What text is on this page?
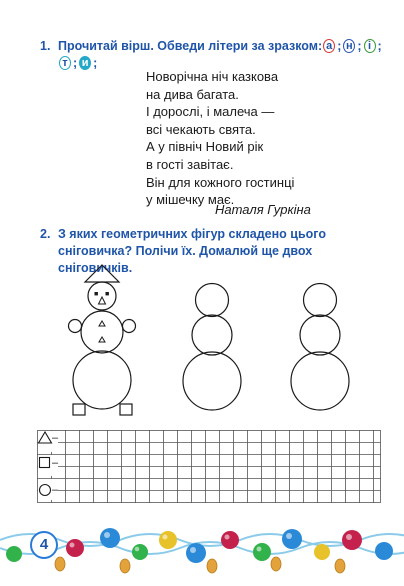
1. Прочитай вірш. Обведи літери за зразком: а ; н ; і ;
т ; и ;
Новорічна ніч казкова
на дива багата.
І дорослі, і малеча —
всі чекають свята.
А у північ Новий рік
в гості завітає.
Він для кожного гостинці
у мішечку має.
Наталя Гуркіна
2. З яких геометричних фігур складено цього сніговичка? Полічи їх. Домалюй ще двох сніговичків.
–
–
–
4
